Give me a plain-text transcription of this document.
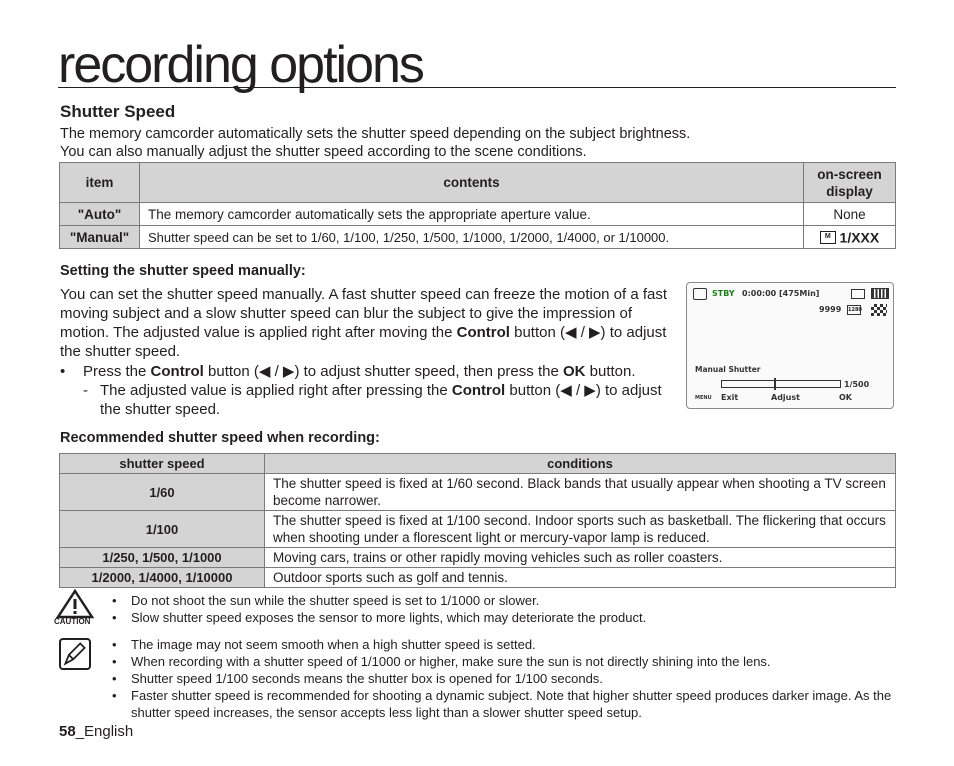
recording options
Shutter Speed
The memory camcorder automatically sets the shutter speed depending on the subject brightness.
You can also manually adjust the shutter speed according to the scene conditions.
item	contents	on-screen display
"Auto"	The memory camcorder automatically sets the appropriate aperture value.	None
"Manual"	Shutter speed can be set to 1/60, 1/100, 1/250, 1/500, 1/1000, 1/2000, 1/4000, or 1/10000.	M 1/XXX
Setting the shutter speed manually:
You can set the shutter speed manually. A fast shutter speed can freeze the motion of a fast moving subject and a slow shutter speed can blur the subject to give the impression of motion. The adjusted value is applied right after moving the Control button (◀ / ▶) to adjust the shutter speed.
• Press the Control button (◀ / ▶) to adjust shutter speed, then press the OK button.
- The adjusted value is applied right after pressing the Control button (◀ / ▶) to adjust the shutter speed.
STBY 0:00:00 [475Min]
9999 1280
Manual Shutter
1/500
MENU Exit	Adjust	OK
Recommended shutter speed when recording:
shutter speed	conditions
1/60	The shutter speed is fixed at 1/60 second. Black bands that usually appear when shooting a TV screen become narrower.
1/100	The shutter speed is fixed at 1/100 second. Indoor sports such as basketball. The flickering that occurs when shooting under a florescent light or mercury-vapor lamp is reduced.
1/250, 1/500, 1/1000	Moving cars, trains or other rapidly moving vehicles such as roller coasters.
1/2000, 1/4000, 1/10000	Outdoor sports such as golf and tennis.
CAUTION
• Do not shoot the sun while the shutter speed is set to 1/1000 or slower.
• Slow shutter speed exposes the sensor to more lights, which may deteriorate the product.
• The image may not seem smooth when a high shutter speed is setted.
• When recording with a shutter speed of 1/1000 or higher, make sure the sun is not directly shining into the lens.
• Shutter speed 1/100 seconds means the shutter box is opened for 1/100 seconds.
• Faster shutter speed is recommended for shooting a dynamic subject. Note that higher shutter speed produces darker image. As the shutter speed increases, the sensor accepts less light than a slower shutter speed setup.
58_English
